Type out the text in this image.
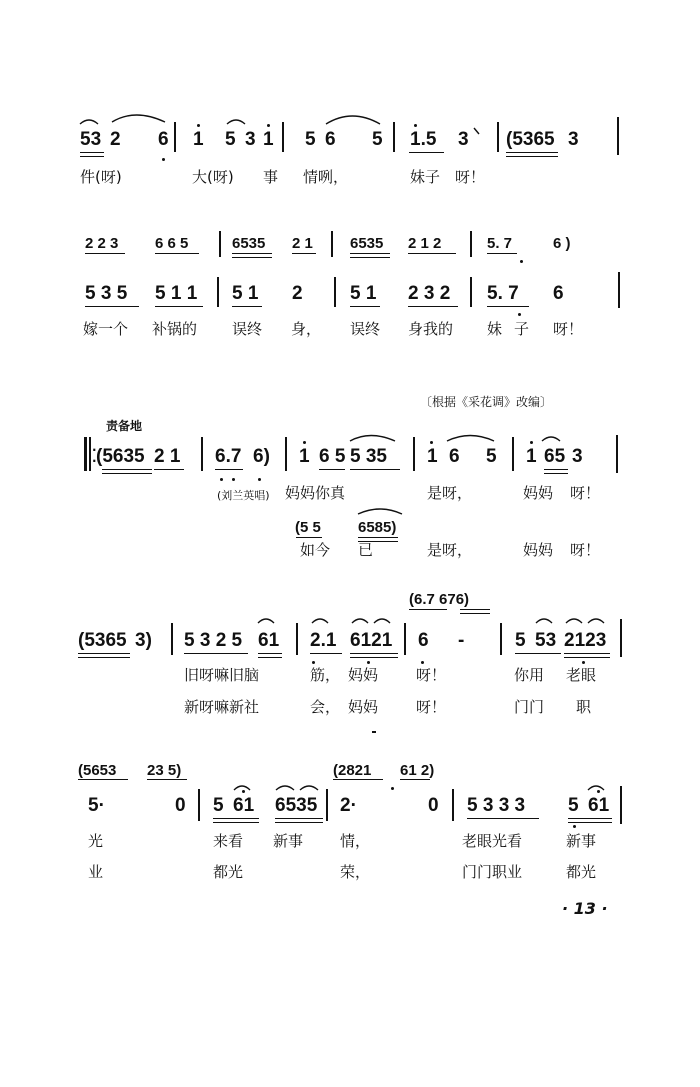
53 2 6 1 5 3 1 5 6 5 1.5 3 (5365 3
件(呀)	大(呀) 事 情咧，	妹子 呀！
2 2 3 6 6 5	6535 2 1 6535 2 1 2	5. 7	6 )
5 3 5 5 1 1 5 1 2 5 1 2 3 2 5. 7 6
嫁一个 补锅的 误终 身， 误终 身我的 妹 子 呀！
(5635 2 1 6.7 6) 1 6 5 5 35 1 6 5 1 65 3
(刘兰英唱) 妈妈你真	是呀，	妈妈 呀！
(5 5 6585)
如今 已	是呀，	妈妈 呀！
(6.7 676)
(5365 3) 5 3 2 5 61 2.1 6121 6 -	5 53 2123
旧呀嘛旧脑	筋， 妈妈	呀！	你用 老眼
新呀嘛新社	会， 妈妈	呀！	门门 职
(5653 23 5)	(2821 61 2)
5·	0 5 61 6535 2·	0 5 3 3 3 5 61
光	来看 新事 情，	老眼光看	新事
业	都光	荣，	门门职业	都光
〔根据《采花调》改编〕
责备地
· 13 ·
·
·
